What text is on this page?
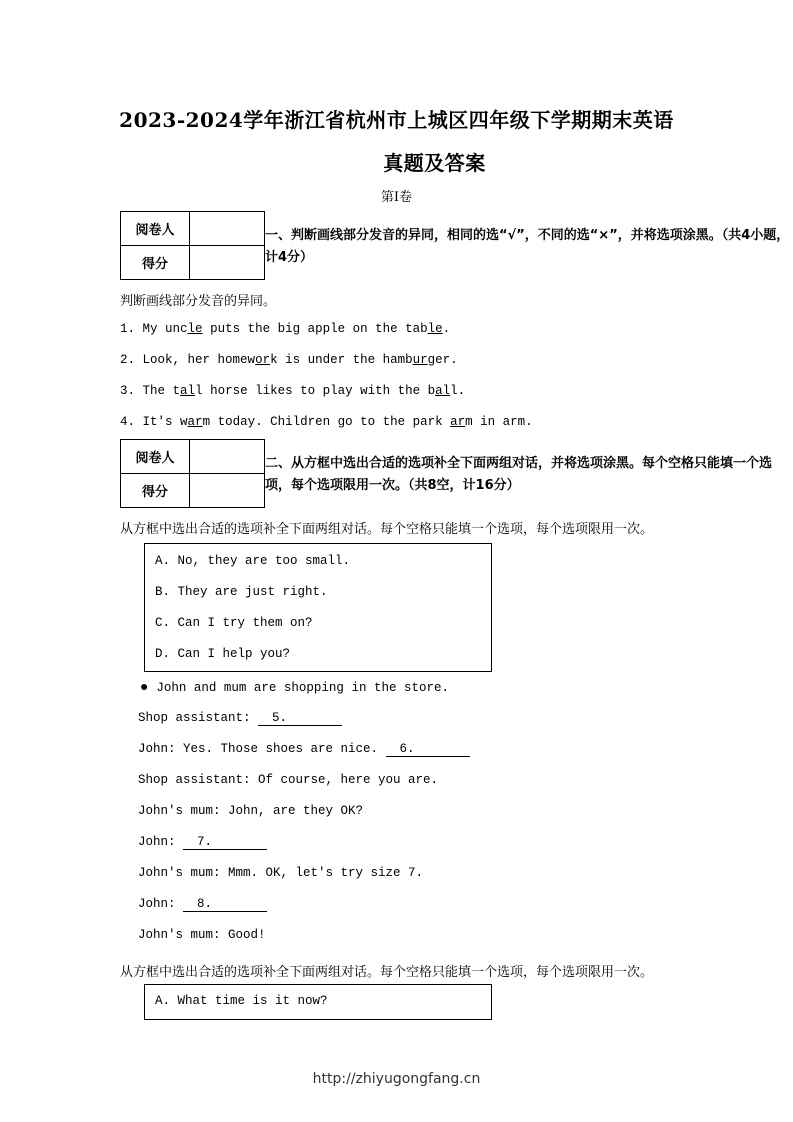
2023-2024学年浙江省杭州市上城区四年级下学期期末英语
真题及答案
第Ⅰ卷
阅卷人	
得分	
一、判断画线部分发音的异同，相同的选“√”，不同的选“×”，并将选项涂黑。（共4小题，计4分）
判断画线部分发音的异同。
1. My uncle puts the big apple on the table.
2. Look, her homework is under the hamburger.
3. The tall horse likes to play with the ball.
4. It's warm today. Children go to the park arm in arm.
阅卷人	
得分	
二、从方框中选出合适的选项补全下面两组对话，并将选项涂黑。每个空格只能填一个选项，每个选项限用一次。（共8空，计16分）
从方框中选出合适的选项补全下面两组对话。每个空格只能填一个选项，每个选项限用一次。
A. No, they are too small.
B. They are just right.
C. Can I try them on?
D. Can I help you?
● John and mum are shopping in the store.
Shop assistant: 5.
John: Yes. Those shoes are nice. 6.
Shop assistant: Of course, here you are.
John's mum: John, are they OK?
John: 7.
John's mum: Mmm. OK, let's try size 7.
John: 8.
John's mum: Good!
从方框中选出合适的选项补全下面两组对话。每个空格只能填一个选项，每个选项限用一次。
A. What time is it now?
http://zhiyugongfang.cn
